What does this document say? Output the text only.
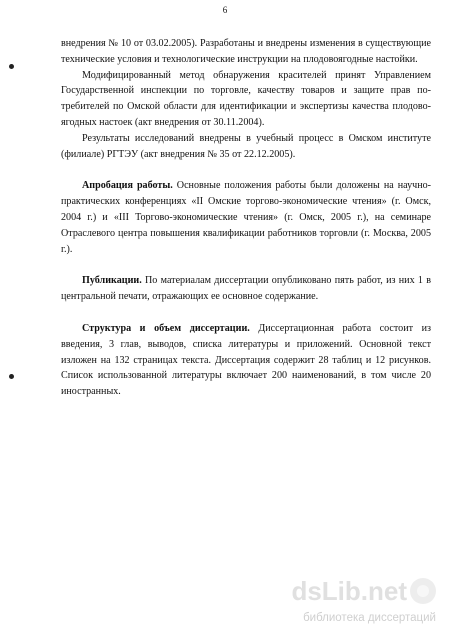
6

внедрения № 10 от 03.02.2005). Разработаны и внедрены изменения в существующие технические условия и технологические инструкции на плодовоягодные настойки.

Модифицированный метод обнаружения красителей принят Управлением Государственной инспекции по торговле, качеству товаров и защите прав потребителей по Омской области для идентификации и экспертизы качества плодово-ягодных настоек (акт внедрения от 30.11.2004).

Результаты исследований внедрены в учебный процесс в Омском институте (филиале) РГТЭУ (акт внедрения № 35 от 22.12.2005).

Апробация работы. Основные положения работы были доложены на научно-практических конференциях «II Омские торгово-экономические чтения» (г. Омск, 2004 г.) и «III Торгово-экономические чтения» (г. Омск, 2005 г.), на семинаре Отраслевого центра повышения квалификации работников торговли (г. Москва, 2005 г.).

Публикации. По материалам диссертации опубликовано пять работ, из них 1 в центральной печати, отражающих ее основное содержание.

Структура и объем диссертации. Диссертационная работа состоит из введения, 3 глав, выводов, списка литературы и приложений. Основной текст изложен на 132 страницах текста. Диссертация содержит 28 таблиц и 12 рисунков. Список использованной литературы включает 200 наименований, в том числе 20 иностранных.

dsLib.net
библиотека диссертаций
